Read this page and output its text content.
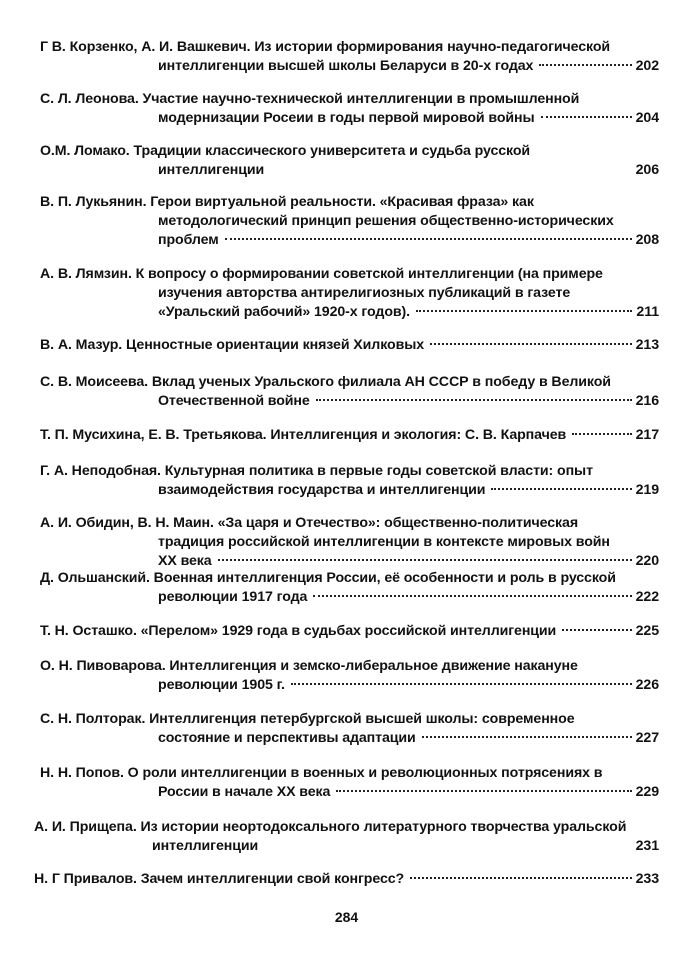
Г В. Корзенко, А. И. Вашкевич. Из истории формирования научно-педагогической
интеллигенции высшей школы Беларуси в 20-х годах	202
С. Л. Леонова. Участие научно-технической интеллигенции в промышленной
модернизации Росеии в годы первой мировой войны	204
О.М. Ломако. Традиции классического университета и судьба русской
интеллигенции	206
В. П. Лукьянин. Герои виртуальной реальности. «Красивая фраза» как
методологический принцип решения общественно-исторических
проблем	208
А. В. Лямзин. К вопросу о формировании советской интеллигенции (на примере
изучения авторства антирелигиозных публикаций в газете
«Уральский рабочий» 1920-х годов).	211
В. А. Мазур. Ценностные ориентации князей Хилковых	213
С. В. Моисеева. Вклад ученых Уральского филиала АН СССР в победу в Великой
Отечественной войне	216
Т. П. Мусихина, Е. В. Третьякова. Интеллигенция и экология: С. В. Карпачев	217
Г. А. Неподобная. Культурная политика в первые годы советской власти: опыт
взаимодействия государства и интеллигенции	219
А. И. Обидин, В. Н. Маин. «За царя и Отечество»: общественно-политическая
традиция российской интеллигенции в контексте мировых войн
XX века	220
Д. Ольшанский. Военная интеллигенция России, её особенности и роль в русской
революции 1917 года	222
Т. Н. Осташко. «Перелом» 1929 года в судьбах российской интеллигенции	225
О. Н. Пивоварова. Интеллигенция и земско-либеральное движение накануне
революции 1905 г.	226
С. Н. Полторак. Интеллигенция петербургской высшей школы: современное
состояние и перспективы адаптации	227
Н. Н. Попов. О роли интеллигенции в военных и революционных потрясениях в
России в начале XX века	229
А. И. Прищепа. Из истории неортодоксального литературного творчества уральской
интеллигенции	231
Н. Г Привалов. Зачем интеллигенции свой конгресс?	233
284
